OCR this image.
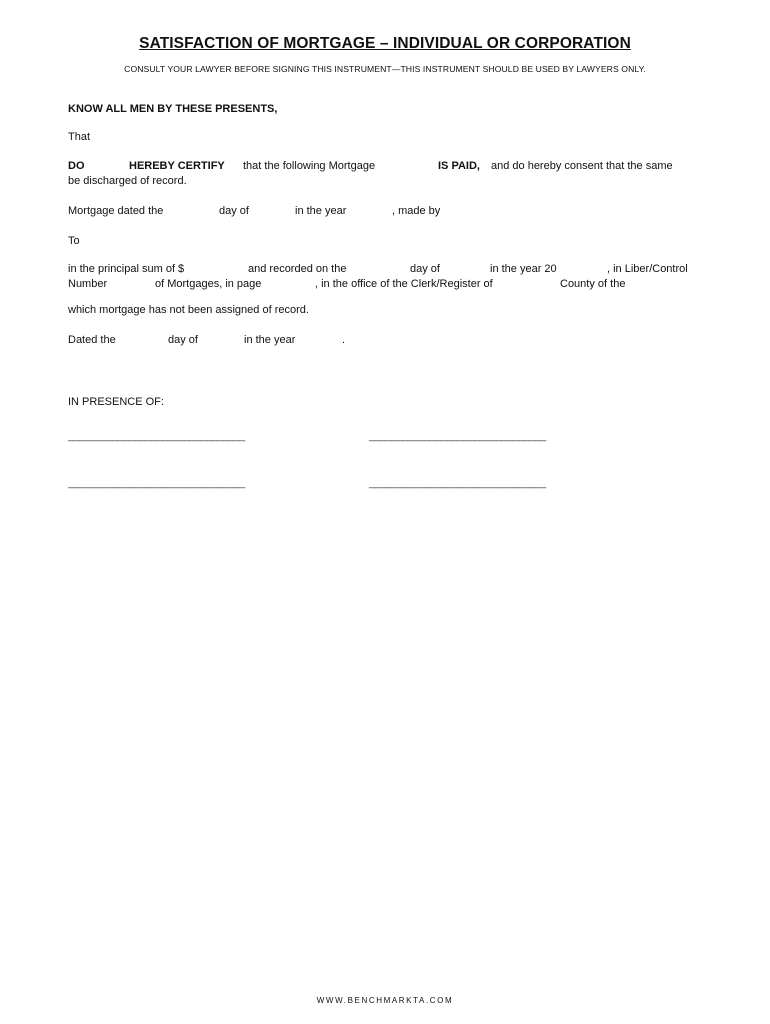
SATISFACTION OF MORTGAGE – INDIVIDUAL OR CORPORATION
CONSULT YOUR LAWYER BEFORE SIGNING THIS INSTRUMENT—THIS INSTRUMENT SHOULD BE USED BY LAWYERS ONLY.
KNOW ALL MEN BY THESE PRESENTS,
That
DO	HEREBY CERTIFY that the following Mortgage	IS PAID, and do hereby consent that the same
be discharged of record.
Mortgage dated the	day of	in the year	, made by
To
in the principal sum of $	and recorded on the	day of	in the year 20	, in Liber/Control
Number	of Mortgages, in page	, in the office of the Clerk/Register of	County of the
which mortgage has not been assigned of record.
Dated the	day of	in the year	.
IN PRESENCE OF:
________________________________	________________________________
________________________________	________________________________
WWW.BENCHMARKTA.COM
